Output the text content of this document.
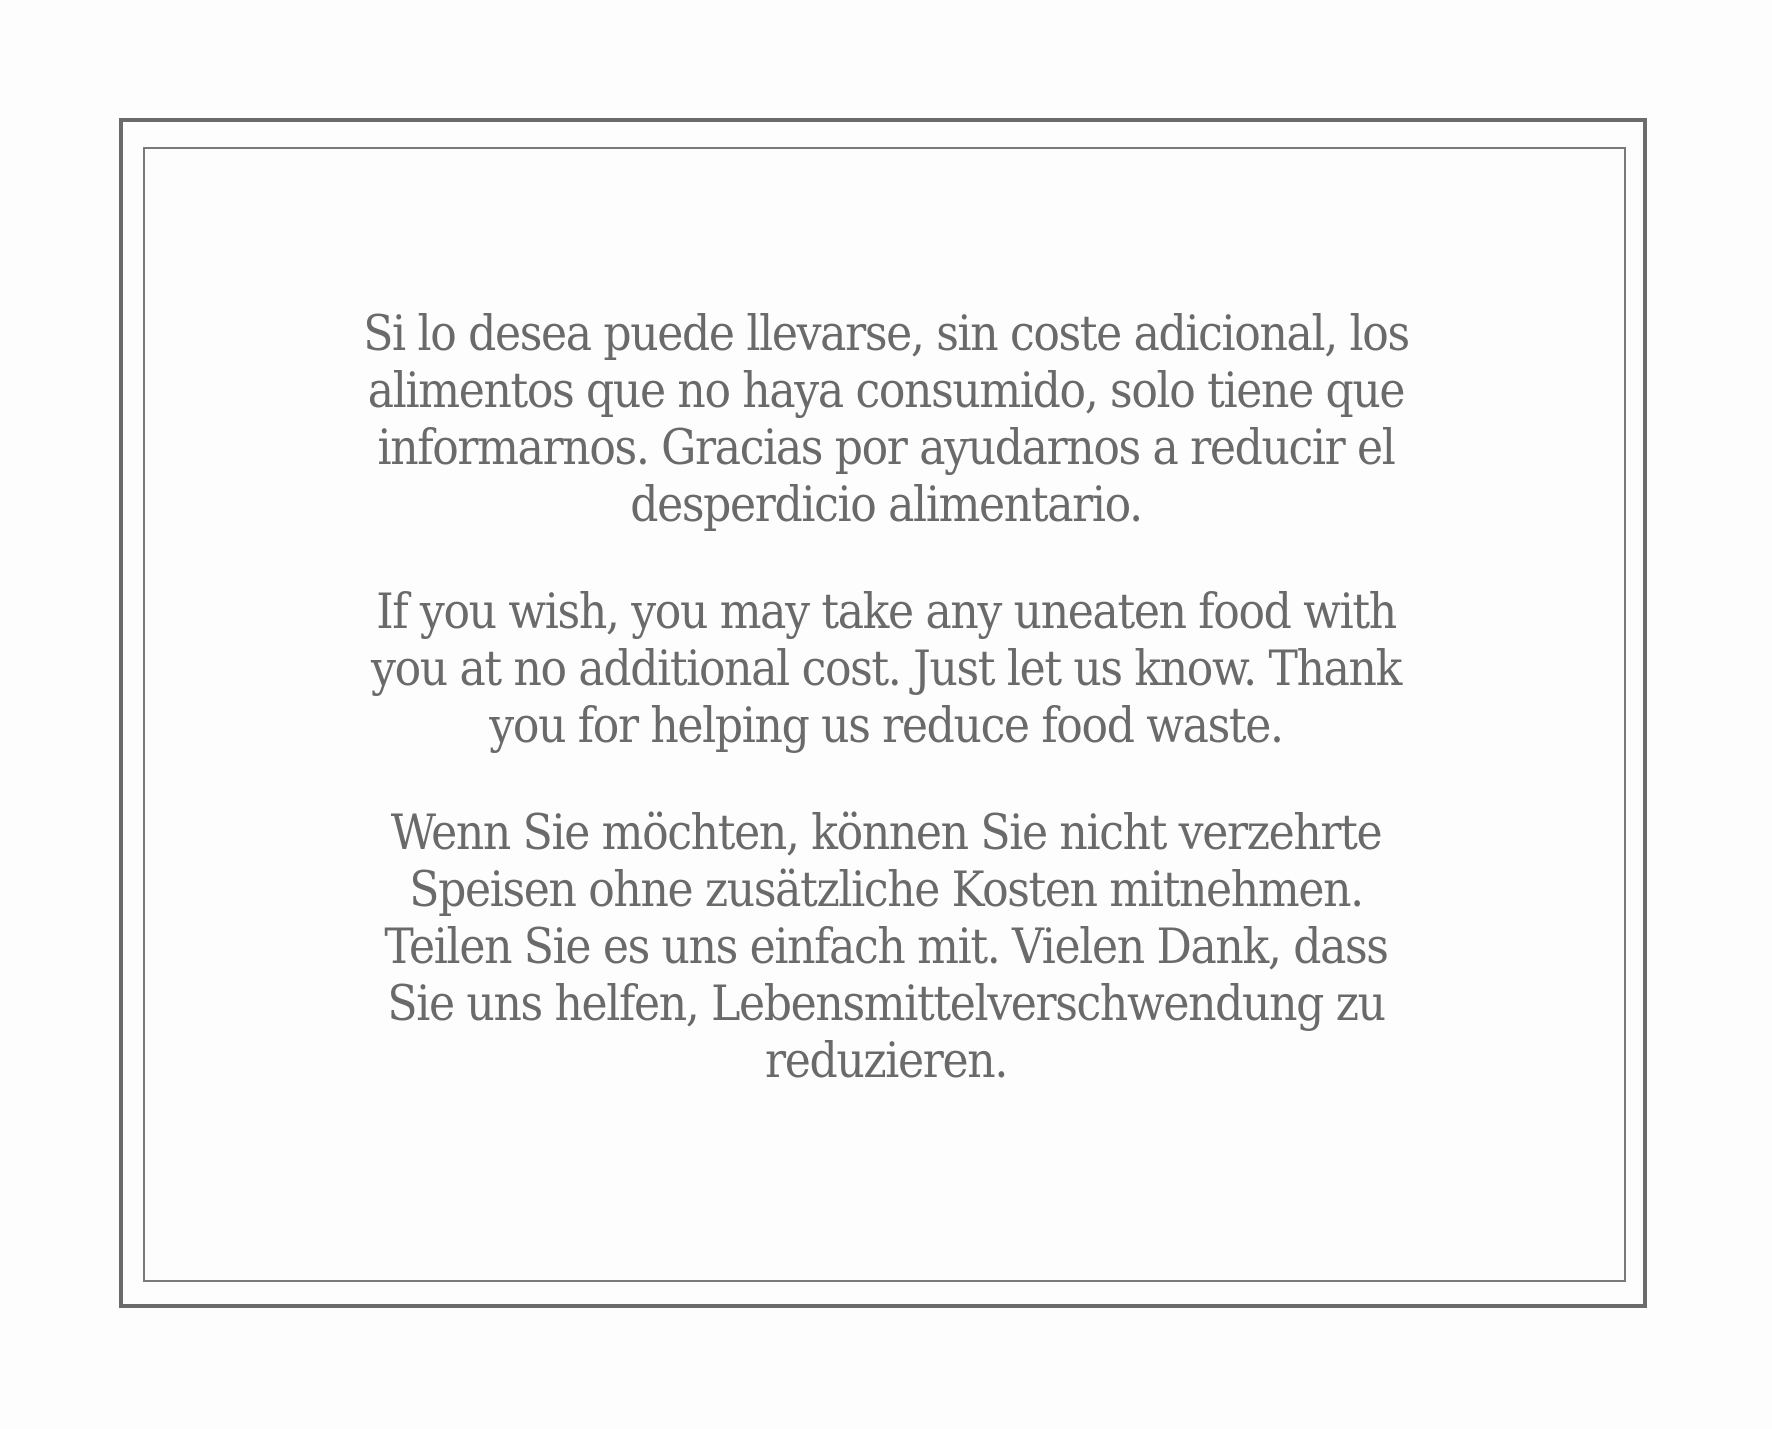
Si lo desea puede llevarse, sin coste adicional, los alimentos que no haya consumido, solo tiene que informarnos. Gracias por ayudarnos a reducir el desperdicio alimentario.

If you wish, you may take any uneaten food with you at no additional cost. Just let us know. Thank you for helping us reduce food waste.

Wenn Sie möchten, können Sie nicht verzehrte Speisen ohne zusätzliche Kosten mitnehmen. Teilen Sie es uns einfach mit. Vielen Dank, dass Sie uns helfen, Lebensmittelverschwendung zu reduzieren.
